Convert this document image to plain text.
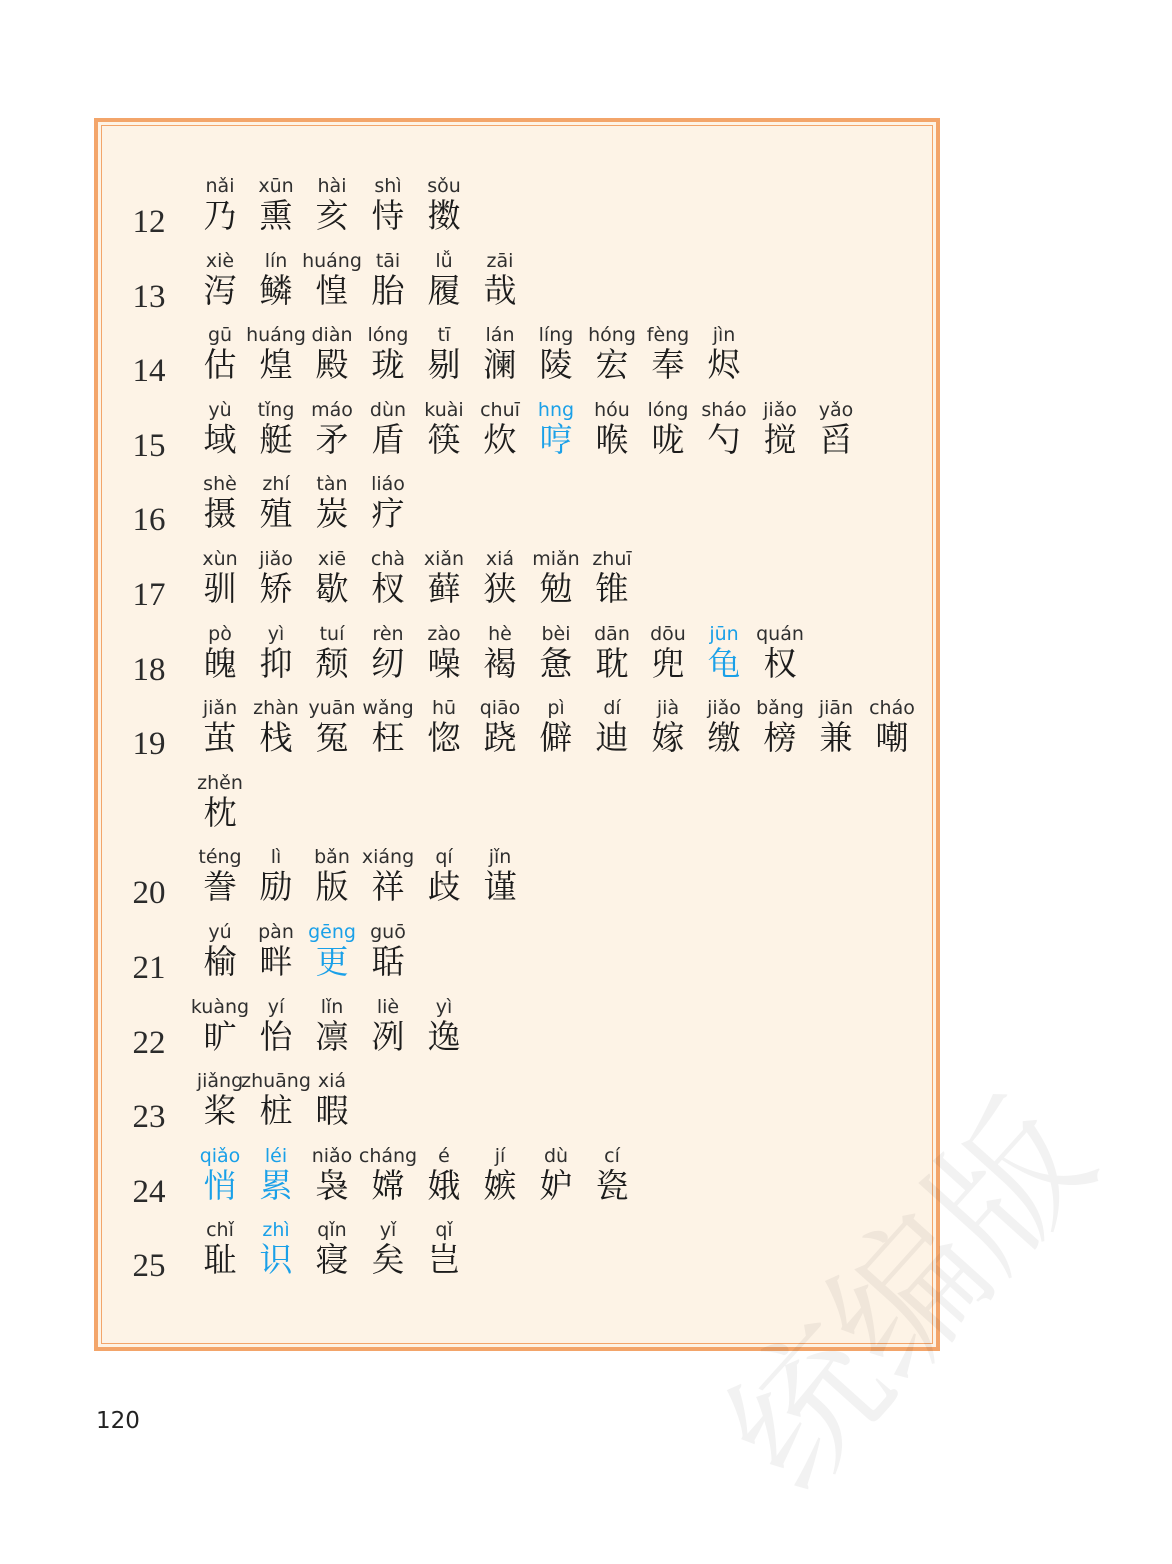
12
nǎi
乃
xūn
熏
hài
亥
shì
恃
sǒu
擞
13
xiè
泻
lín
鳞
huáng
惶
tāi
胎
lǚ
履
zāi
哉
14
gū
估
huáng
煌
diàn
殿
lóng
珑
tī
剔
lán
澜
líng
陵
hóng
宏
fèng
奉
jìn
烬
15
yù
域
tǐng
艇
máo
矛
dùn
盾
kuài
筷
chuī
炊
hng
哼
hóu
喉
lóng
咙
sháo
勺
jiǎo
搅
yǎo
舀
16
shè
摄
zhí
殖
tàn
炭
liáo
疗
17
xùn
驯
jiǎo
矫
xiē
歇
chà
杈
xiǎn
藓
xiá
狭
miǎn
勉
zhuī
锥
18
pò
魄
yì
抑
tuí
颓
rèn
纫
zào
噪
hè
褐
bèi
惫
dān
耽
dōu
兜
jūn
龟
quán
权
19
jiǎn
茧
zhàn
栈
yuān
冤
wǎng
枉
hū
惚
qiāo
跷
pì
僻
dí
迪
jià
嫁
jiǎo
缴
bǎng
榜
jiān
兼
cháo
嘲
zhěn
枕
20
téng
誊
lì
励
bǎn
版
xiáng
祥
qí
歧
jǐn
谨
21
yú
榆
pàn
畔
gēng
更
guō
聒
22
kuàng
旷
yí
怡
lǐn
凛
liè
冽
yì
逸
23
jiǎng
桨
zhuāng
桩
xiá
暇
24
qiǎo
悄
léi
累
niǎo
袅
cháng
嫦
é
娥
jí
嫉
dù
妒
cí
瓷
25
chǐ
耻
zhì
识
qǐn
寝
yǐ
矣
qǐ
岂	统编版
120
